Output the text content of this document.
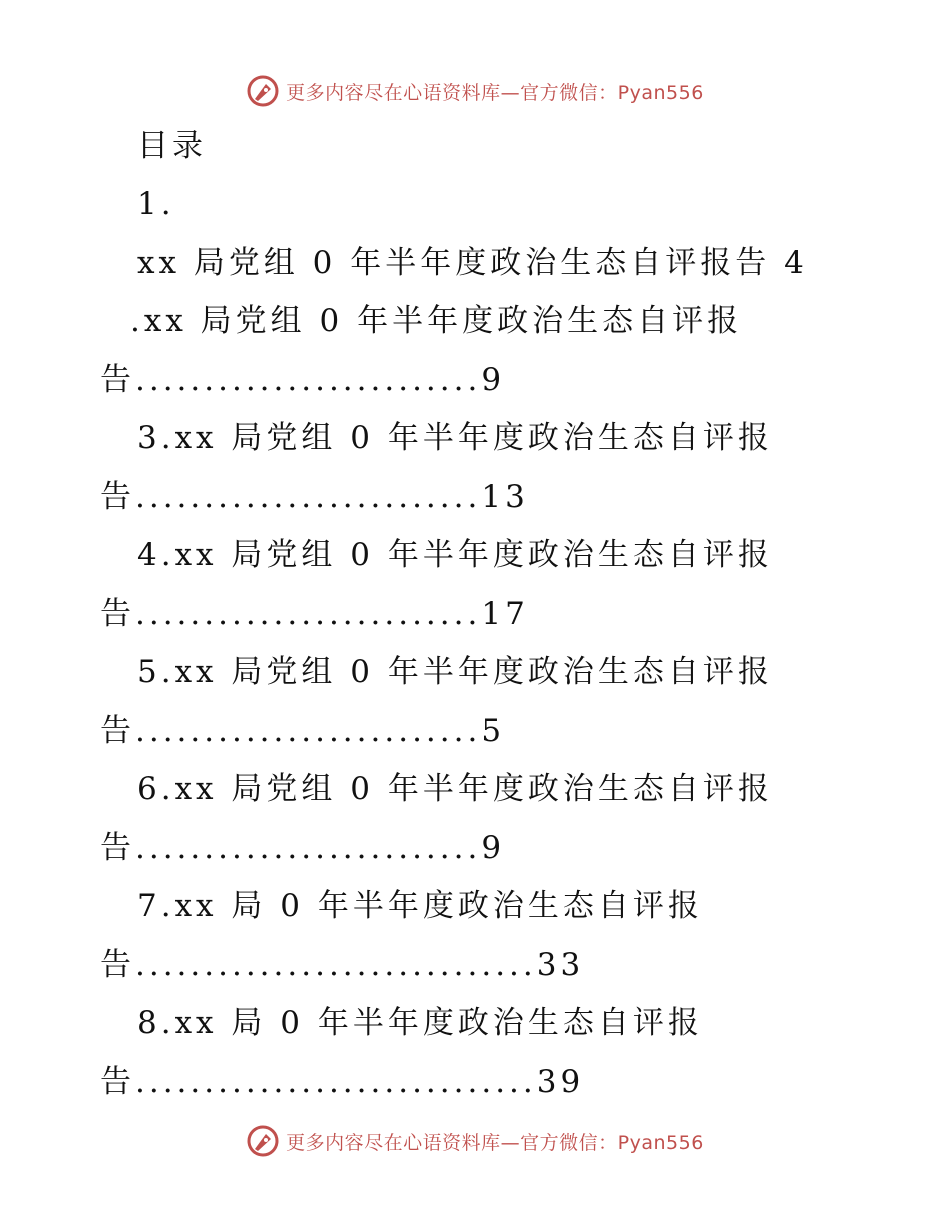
更多内容尽在心语资料库—官方微信：Pyan556
目录
1.
xx 局党组 0 年半年度政治生态自评报告 4
.xx 局党组 0 年半年度政治生态自评报
告.........................9
3.xx 局党组 0 年半年度政治生态自评报
告.........................13
4.xx 局党组 0 年半年度政治生态自评报
告.........................17
5.xx 局党组 0 年半年度政治生态自评报
告.........................5
6.xx 局党组 0 年半年度政治生态自评报
告.........................9
7.xx 局 0 年半年度政治生态自评报
告.............................33
8.xx 局 0 年半年度政治生态自评报
告.............................39
更多内容尽在心语资料库—官方微信：Pyan556
